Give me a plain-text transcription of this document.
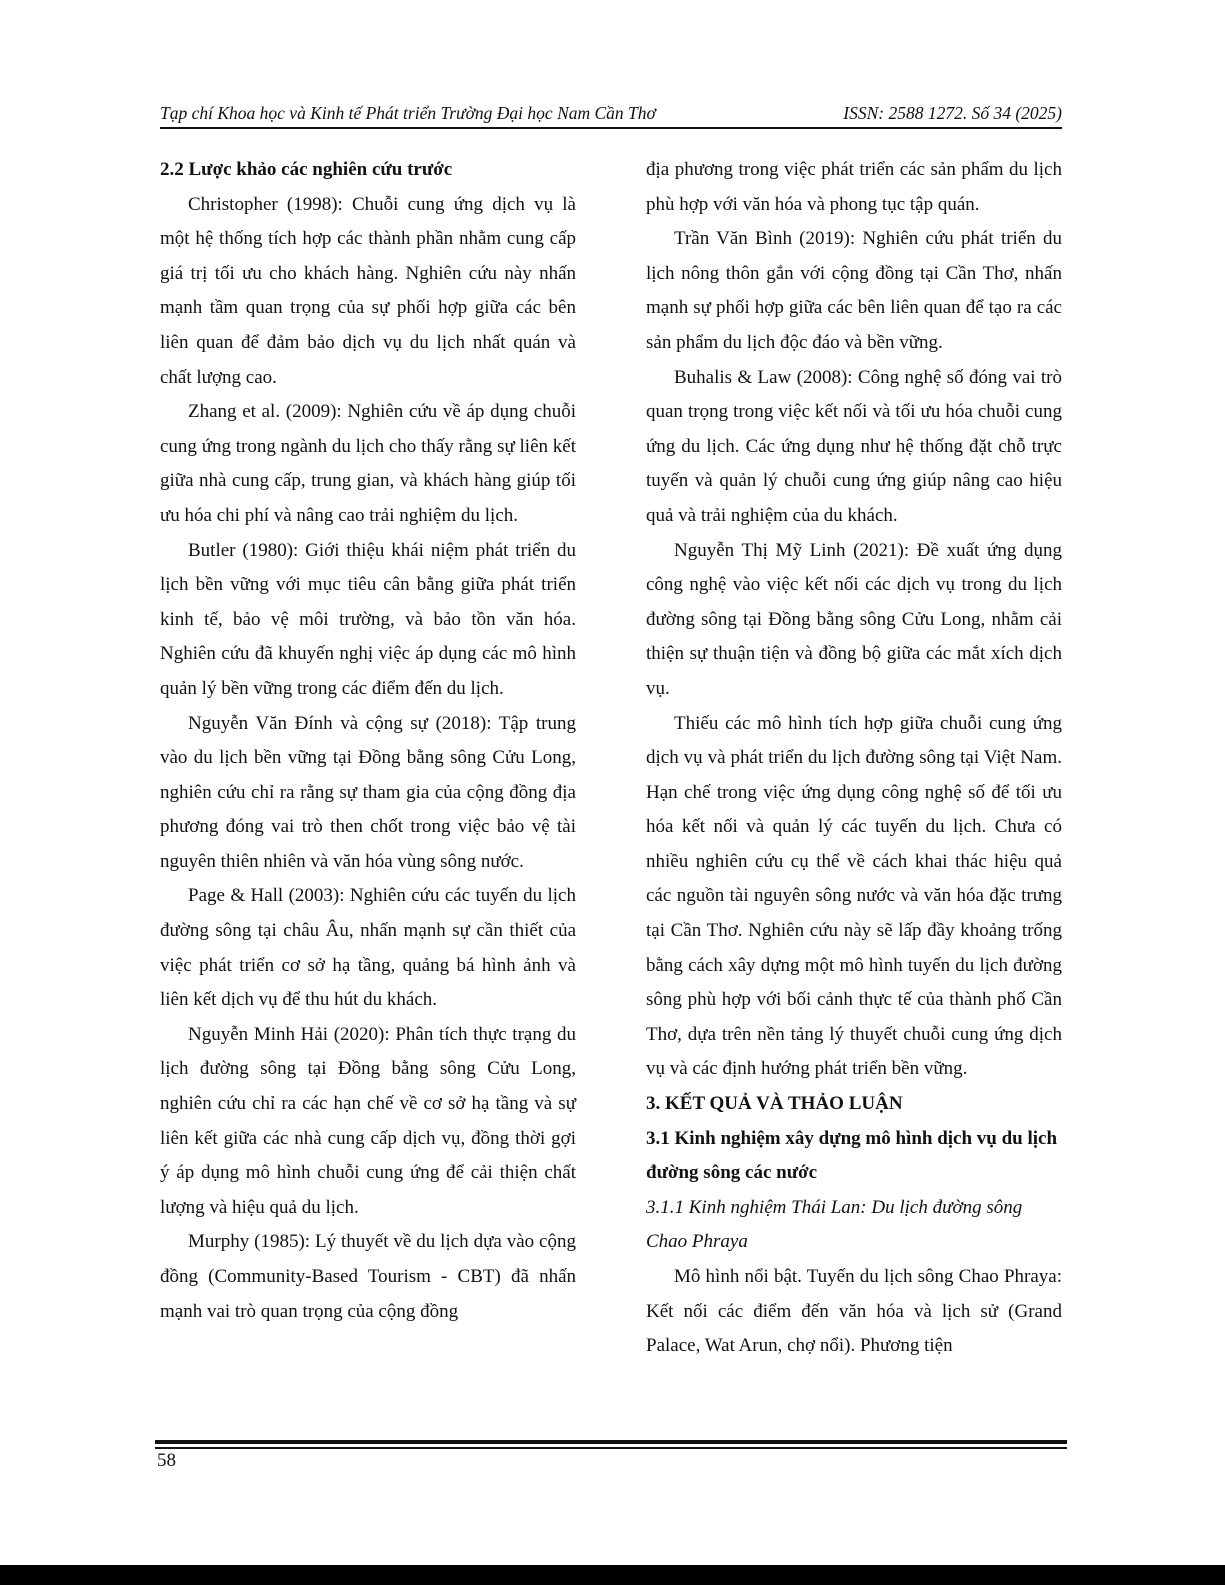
Tạp chí Khoa học và Kinh tế Phát triển Trường Đại học Nam Cần Thơ	ISSN: 2588 1272. Số 34 (2025)
2.2 Lược khảo các nghiên cứu trước

Christopher (1998): Chuỗi cung ứng dịch vụ là một hệ thống tích hợp các thành phần nhằm cung cấp giá trị tối ưu cho khách hàng. Nghiên cứu này nhấn mạnh tầm quan trọng của sự phối hợp giữa các bên liên quan để đảm bảo dịch vụ du lịch nhất quán và chất lượng cao.

Zhang et al. (2009): Nghiên cứu về áp dụng chuỗi cung ứng trong ngành du lịch cho thấy rằng sự liên kết giữa nhà cung cấp, trung gian, và khách hàng giúp tối ưu hóa chi phí và nâng cao trải nghiệm du lịch.

Butler (1980): Giới thiệu khái niệm phát triển du lịch bền vững với mục tiêu cân bằng giữa phát triển kinh tế, bảo vệ môi trường, và bảo tồn văn hóa. Nghiên cứu đã khuyến nghị việc áp dụng các mô hình quản lý bền vững trong các điểm đến du lịch.

Nguyễn Văn Đính và cộng sự (2018): Tập trung vào du lịch bền vững tại Đồng bằng sông Cửu Long, nghiên cứu chỉ ra rằng sự tham gia của cộng đồng địa phương đóng vai trò then chốt trong việc bảo vệ tài nguyên thiên nhiên và văn hóa vùng sông nước.

Page & Hall (2003): Nghiên cứu các tuyến du lịch đường sông tại châu Âu, nhấn mạnh sự cần thiết của việc phát triển cơ sở hạ tầng, quảng bá hình ảnh và liên kết dịch vụ để thu hút du khách.

Nguyễn Minh Hải (2020): Phân tích thực trạng du lịch đường sông tại Đồng bằng sông Cửu Long, nghiên cứu chỉ ra các hạn chế về cơ sở hạ tầng và sự liên kết giữa các nhà cung cấp dịch vụ, đồng thời gợi ý áp dụng mô hình chuỗi cung ứng để cải thiện chất lượng và hiệu quả du lịch.

Murphy (1985): Lý thuyết về du lịch dựa vào cộng đồng (Community-Based Tourism - CBT) đã nhấn mạnh vai trò quan trọng của cộng đồng

địa phương trong việc phát triển các sản phẩm du lịch phù hợp với văn hóa và phong tục tập quán.

Trần Văn Bình (2019): Nghiên cứu phát triển du lịch nông thôn gắn với cộng đồng tại Cần Thơ, nhấn mạnh sự phối hợp giữa các bên liên quan để tạo ra các sản phẩm du lịch độc đáo và bền vững.

Buhalis & Law (2008): Công nghệ số đóng vai trò quan trọng trong việc kết nối và tối ưu hóa chuỗi cung ứng du lịch. Các ứng dụng như hệ thống đặt chỗ trực tuyến và quản lý chuỗi cung ứng giúp nâng cao hiệu quả và trải nghiệm của du khách.

Nguyễn Thị Mỹ Linh (2021): Đề xuất ứng dụng công nghệ vào việc kết nối các dịch vụ trong du lịch đường sông tại Đồng bằng sông Cửu Long, nhằm cải thiện sự thuận tiện và đồng bộ giữa các mắt xích dịch vụ.

Thiếu các mô hình tích hợp giữa chuỗi cung ứng dịch vụ và phát triển du lịch đường sông tại Việt Nam. Hạn chế trong việc ứng dụng công nghệ số để tối ưu hóa kết nối và quản lý các tuyến du lịch. Chưa có nhiều nghiên cứu cụ thể về cách khai thác hiệu quả các nguồn tài nguyên sông nước và văn hóa đặc trưng tại Cần Thơ. Nghiên cứu này sẽ lấp đầy khoảng trống bằng cách xây dựng một mô hình tuyến du lịch đường sông phù hợp với bối cảnh thực tế của thành phố Cần Thơ, dựa trên nền tảng lý thuyết chuỗi cung ứng dịch vụ và các định hướng phát triển bền vững.

3. KẾT QUẢ VÀ THẢO LUẬN
3.1 Kinh nghiệm xây dựng mô hình dịch vụ du lịch đường sông các nước
3.1.1 Kinh nghiệm Thái Lan: Du lịch đường sông Chao Phraya

Mô hình nổi bật. Tuyến du lịch sông Chao Phraya: Kết nối các điểm đến văn hóa và lịch sử (Grand Palace, Wat Arun, chợ nổi). Phương tiện

58
